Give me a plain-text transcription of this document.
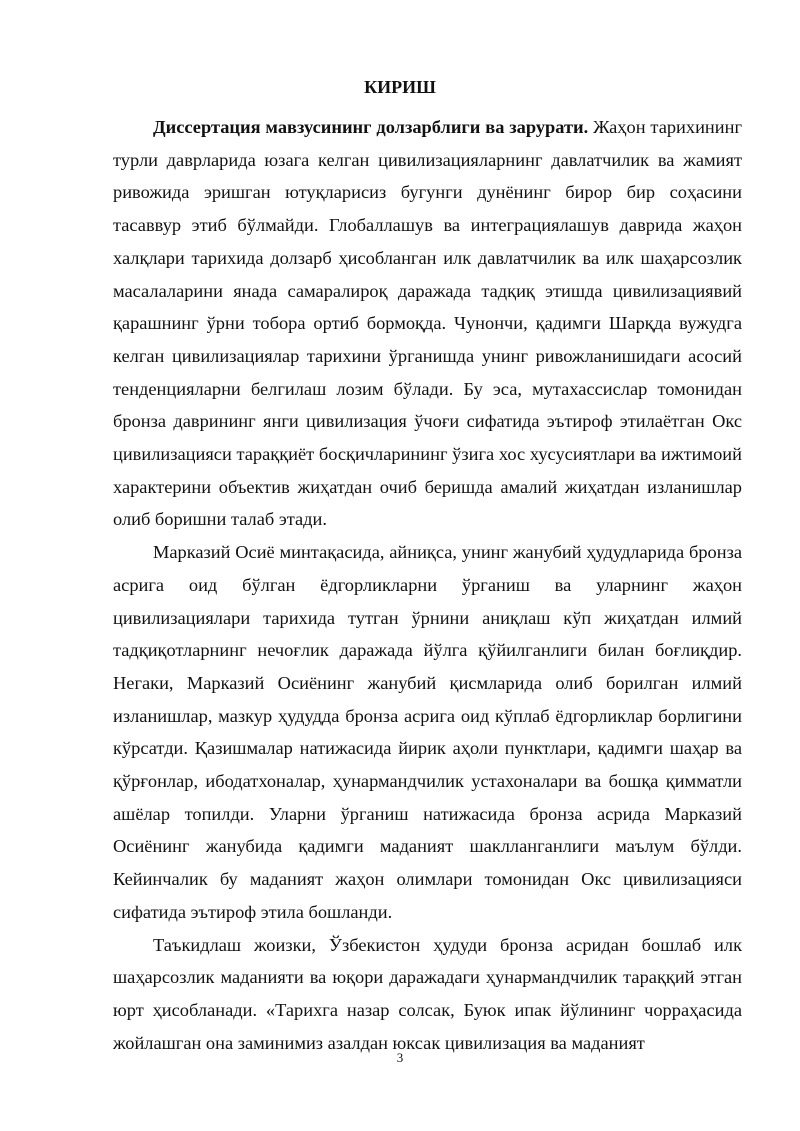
КИРИШ

Диссертация мавзусининг долзарблиги ва зарурати. Жаҳон тарихининг турли даврларида юзага келган цивилизацияларнинг давлатчилик ва жамият ривожида эришган ютуқларисиз бугунги дунёнинг бирор бир соҳасини тасаввур этиб бўлмайди. Глобаллашув ва интеграциялашув даврида жаҳон халқлари тарихида долзарб ҳисобланган илк давлатчилик ва илк шаҳарсозлик масалаларини янада самаралироқ даражада тадқиқ этишда цивилизациявий қарашнинг ўрни тобора ортиб бормоқда. Чунончи, қадимги Шарқда вужудга келган цивилизациялар тарихини ўрганишда унинг ривожланишидаги асосий тенденцияларни белгилаш лозим бўлади. Бу эса, мутахассислар томонидан бронза даврининг янги цивилизация ўчоғи сифатида эътироф этилаётган Окс цивилизацияси тараққиёт босқичларининг ўзига хос хусусиятлари ва ижтимоий характерини объектив жиҳатдан очиб беришда амалий жиҳатдан изланишлар олиб боришни талаб этади.

Марказий Осиё минтақасида, айниқса, унинг жанубий ҳудудларида бронза асрига оид бўлган ёдгорликларни ўрганиш ва уларнинг жаҳон цивилизациялари тарихида тутган ўрнини аниқлаш кўп жиҳатдан илмий тадқиқотларнинг нечоғлик даражада йўлга қўйилганлиги билан боғлиқдир. Негаки, Марказий Осиёнинг жанубий қисмларида олиб борилган илмий изланишлар, мазкур ҳудудда бронза асрига оид кўплаб ёдгорликлар борлигини кўрсатди. Қазишмалар натижасида йирик аҳоли пунктлари, қадимги шаҳар ва қўрғонлар, ибодатхоналар, ҳунармандчилик устахоналари ва бошқа қимматли ашёлар топилди. Уларни ўрганиш натижасида бронза асрида Марказий Осиёнинг жанубида қадимги маданият шаклланганлиги маълум бўлди. Кейинчалик бу маданият жаҳон олимлари томонидан Окс цивилизацияси сифатида эътироф этила бошланди.

Таъкидлаш жоизки, Ўзбекистон ҳудуди бронза асридан бошлаб илк шаҳарсозлик маданияти ва юқори даражадаги ҳунармандчилик тараққий этган юрт ҳисобланади. «Тарихга назар солсак, Буюк ипак йўлининг чорраҳасида жойлашган она заминимиз азалдан юксак цивилизация ва маданият

3
